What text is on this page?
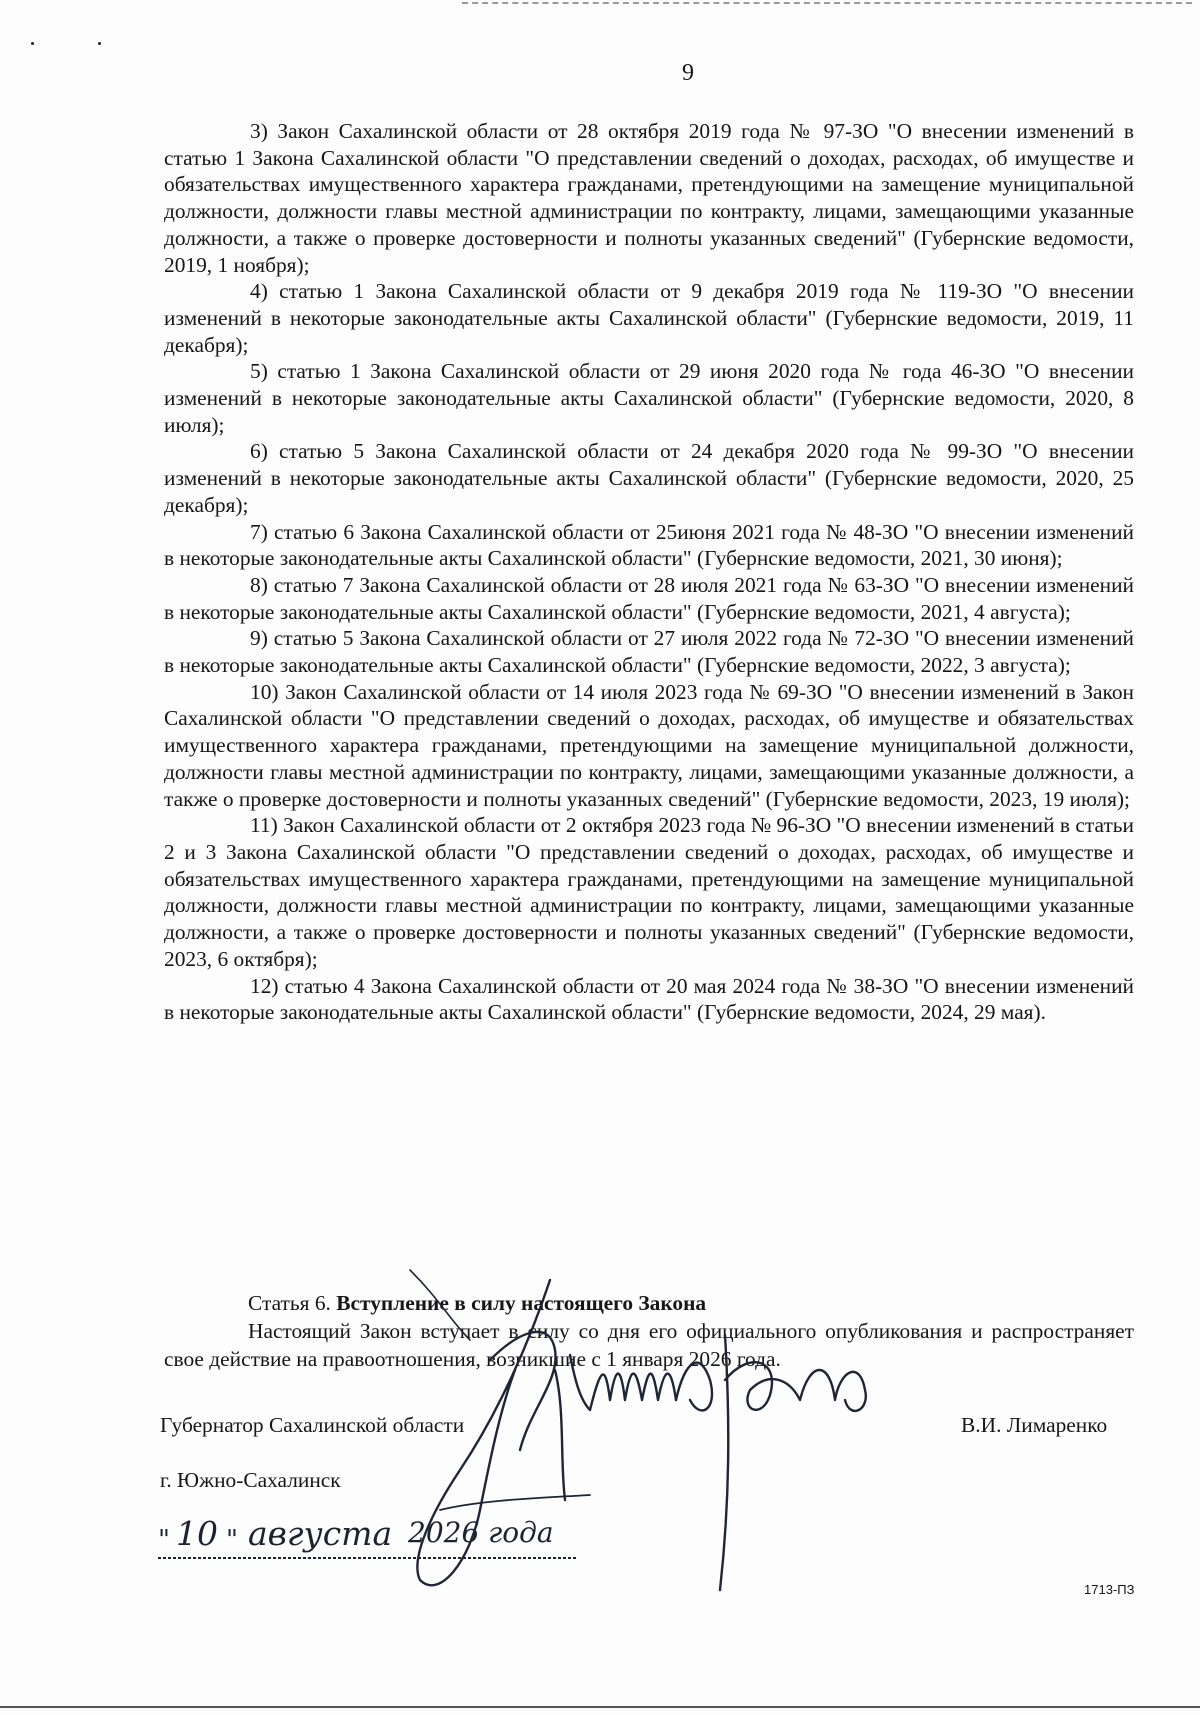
9

3) Закон Сахалинской области от 28 октября 2019 года № 97-ЗО "О внесении изменений в статью 1 Закона Сахалинской области "О представлении сведений о доходах, расходах, об имуществе и обязательствах имущественного характера гражданами, претендующими на замещение муниципальной должности, должности главы местной администрации по контракту, лицами, замещающими указанные должности, а также о проверке достоверности и полноты указанных сведений" (Губернские ведомости, 2019, 1 ноября);

4) статью 1 Закона Сахалинской области от 9 декабря 2019 года № 119-ЗО "О внесении изменений в некоторые законодательные акты Сахалинской области" (Губернские ведомости, 2019, 11 декабря);

5) статью 1 Закона Сахалинской области от 29 июня 2020 года № года 46-ЗО "О внесении изменений в некоторые законодательные акты Сахалинской области" (Губернские ведомости, 2020, 8 июля);

6) статью 5 Закона Сахалинской области от 24 декабря 2020 года № 99-ЗО "О внесении изменений в некоторые законодательные акты Сахалинской области" (Губернские ведомости, 2020, 25 декабря);

7) статью 6 Закона Сахалинской области от 25июня 2021 года № 48-ЗО "О внесении изменений в некоторые законодательные акты Сахалинской области" (Губернские ведомости, 2021, 30 июня);

8) статью 7 Закона Сахалинской области от 28 июля 2021 года № 63-ЗО "О внесении изменений в некоторые законодательные акты Сахалинской области" (Губернские ведомости, 2021, 4 августа);

9) статью 5 Закона Сахалинской области от 27 июля 2022 года № 72-ЗО "О внесении изменений в некоторые законодательные акты Сахалинской области" (Губернские ведомости, 2022, 3 августа);

10) Закон Сахалинской области от 14 июля 2023 года № 69-ЗО "О внесении изменений в Закон Сахалинской области "О представлении сведений о доходах, расходах, об имуществе и обязательствах имущественного характера гражданами, претендующими на замещение муниципальной должности, должности главы местной администрации по контракту, лицами, замещающими указанные должности, а также о проверке достоверности и полноты указанных сведений" (Губернские ведомости, 2023, 19 июля);

11) Закон Сахалинской области от 2 октября 2023 года № 96-ЗО "О внесении изменений в статьи 2 и 3 Закона Сахалинской области "О представлении сведений о доходах, расходах, об имуществе и обязательствах имущественного характера гражданами, претендующими на замещение муниципальной должности, должности главы местной администрации по контракту, лицами, замещающими указанные должности, а также о проверке достоверности и полноты указанных сведений" (Губернские ведомости, 2023, 6 октября);

12) статью 4 Закона Сахалинской области от 20 мая 2024 года № 38-ЗО "О внесении изменений в некоторые законодательные акты Сахалинской области" (Губернские ведомости, 2024, 29 мая).

Статья 6. Вступление в силу настоящего Закона
Настоящий Закон вступает в силу со дня его официального опубликования и распространяет свое действие на правоотношения, возникшие с 1 января 2026 года.
Губернатор Сахалинской области	В.И. Лимаренко
г. Южно-Сахалинск
" "
10 августа 2026 года
1713-ПЗ
